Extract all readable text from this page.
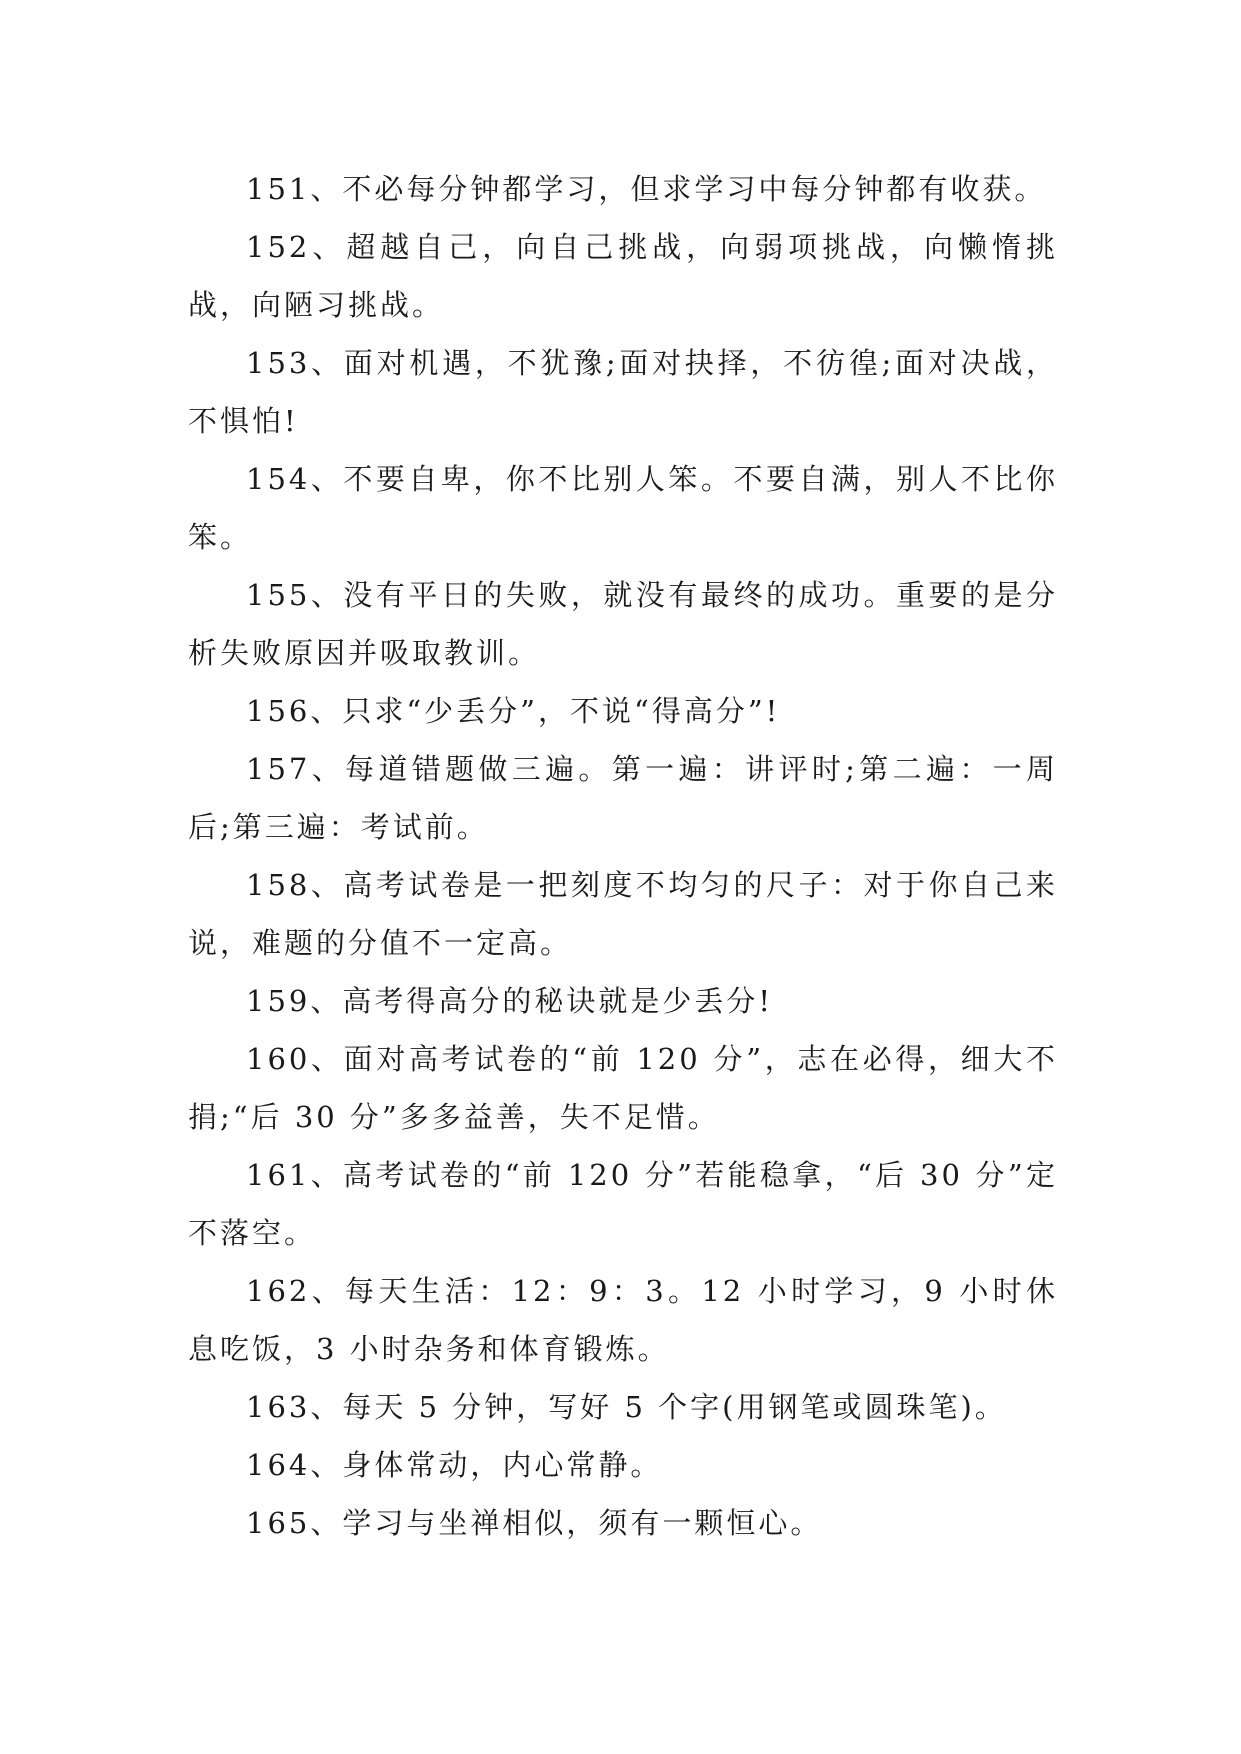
151、不必每分钟都学习，但求学习中每分钟都有收获。

152、超越自己，向自己挑战，向弱项挑战，向懒惰挑战，向陋习挑战。

153、面对机遇，不犹豫;面对抉择，不彷徨;面对决战，不惧怕!

154、不要自卑，你不比别人笨。不要自满，别人不比你笨。

155、没有平日的失败，就没有最终的成功。重要的是分析失败原因并吸取教训。

156、只求“少丢分”，不说“得高分”!

157、每道错题做三遍。第一遍：讲评时;第二遍：一周后;第三遍：考试前。

158、高考试卷是一把刻度不均匀的尺子：对于你自己来说，难题的分值不一定高。

159、高考得高分的秘诀就是少丢分!

160、面对高考试卷的“前 120 分”，志在必得，细大不捐;“后 30 分”多多益善，失不足惜。

161、高考试卷的“前 120 分”若能稳拿，“后 30 分”定不落空。

162、每天生活：12：9：3。12 小时学习，9 小时休息吃饭，3 小时杂务和体育锻炼。

163、每天 5 分钟，写好 5 个字(用钢笔或圆珠笔)。

164、身体常动，内心常静。

165、学习与坐禅相似，须有一颗恒心。
